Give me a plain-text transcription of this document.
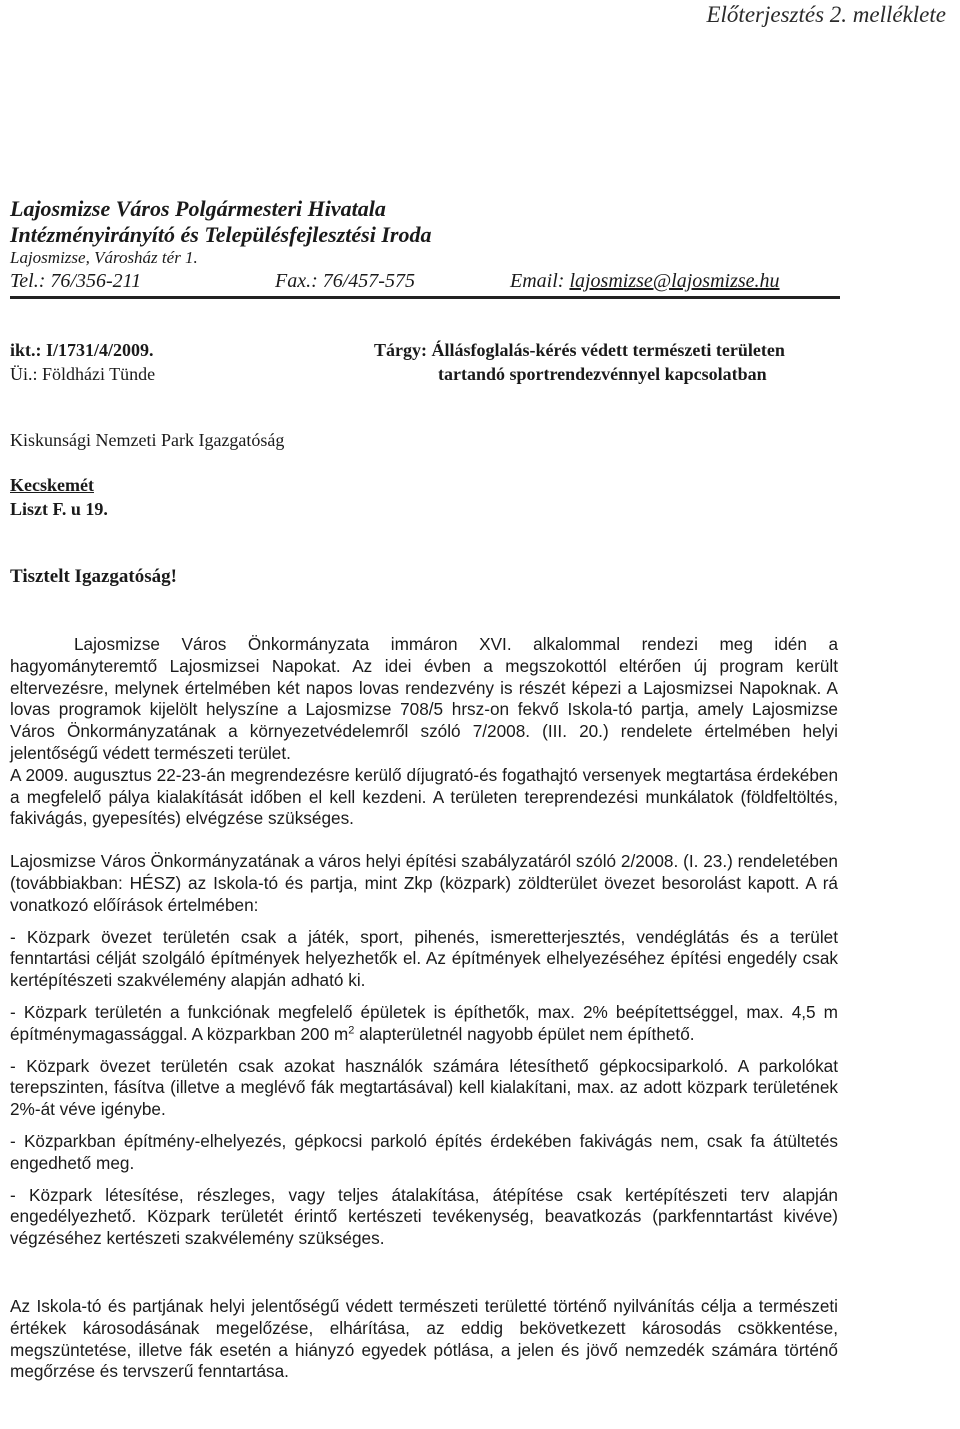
Előterjesztés 2. melléklete
Lajosmizse Város Polgármesteri Hivatala
Intézményirányító és Településfejlesztési Iroda
Lajosmizse, Városház tér 1.
Tel.: 76/356-211	Fax.: 76/457-575	Email: lajosmizse@lajosmizse.hu
ikt.: I/1731/4/2009.
Üi.: Földházi Tünde
Tárgy: Állásfoglalás-kérés védett természeti területen
tartandó sportrendezvénnyel kapcsolatban
Kiskunsági Nemzeti Park Igazgatóság
Kecskemét
Liszt F. u 19.
Tisztelt Igazgatóság!

Lajosmizse Város Önkormányzata immáron XVI. alkalommal rendezi meg idén a hagyományteremtő Lajosmizsei Napokat. Az idei évben a megszokottól eltérően új program került eltervezésre, melynek értelmében két napos lovas rendezvény is részét képezi a Lajosmizsei Napoknak. A lovas programok kijelölt helyszíne a Lajosmizse 708/5 hrsz-on fekvő Iskola-tó partja, amely Lajosmizse Város Önkormányzatának a környezetvédelemről szóló 7/2008. (III. 20.) rendelete értelmében helyi jelentőségű védett természeti terület.

A 2009. augusztus 22-23-án megrendezésre kerülő díjugrató-és fogathajtó versenyek megtartása érdekében a megfelelő pálya kialakítását időben el kell kezdeni. A területen tereprendezési munkálatok (földfeltöltés, fakivágás, gyepesítés) elvégzése szükséges.

Lajosmizse Város Önkormányzatának a város helyi építési szabályzatáról szóló 2/2008. (I. 23.) rendeletében (továbbiakban: HÉSZ) az Iskola-tó és partja, mint Zkp (közpark) zöldterület övezet besorolást kapott. A rá vonatkozó előírások értelmében:

- Közpark övezet területén csak a játék, sport, pihenés, ismeretterjesztés, vendéglátás és a terület fenntartási célját szolgáló építmények helyezhetők el. Az építmények elhelyezéséhez építési engedély csak kertépítészeti szakvélemény alapján adható ki.

- Közpark területén a funkciónak megfelelő épületek is építhetők, max. 2% beépítettséggel, max. 4,5 m építménymagassággal. A közparkban 200 $m^2$ alapterületnél nagyobb épület nem építhető.

- Közpark övezet területén csak azokat használók számára létesíthető gépkocsiparkoló. A parkolókat terepszinten, fásítva (illetve a meglévő fák megtartásával) kell kialakítani, max. az adott közpark területének 2%-át véve igénybe.

- Közparkban építmény-elhelyezés, gépkocsi parkoló építés érdekében fakivágás nem, csak fa átültetés engedhető meg.

- Közpark létesítése, részleges, vagy teljes átalakítása, átépítése csak kertépítészeti terv alapján engedélyezhető. Közpark területét érintő kertészeti tevékenység, beavatkozás (parkfenntartást kivéve) végzéséhez kertészeti szakvélemény szükséges.

Az Iskola-tó és partjának helyi jelentőségű védett természeti területté történő nyilvánítás célja a természeti értékek károsodásának megelőzése, elhárítása, az eddig bekövetkezett károsodás csökkentése, megszüntetése, illetve fák esetén a hiányzó egyedek pótlása, a jelen és jövő nemzedék számára történő megőrzése és tervszerű fenntartása.
